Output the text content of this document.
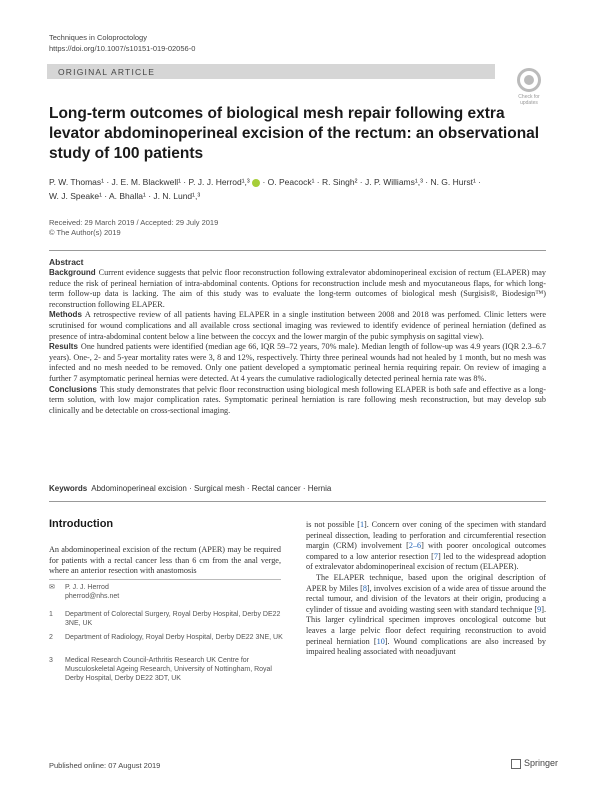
Techniques in Coloproctology
https://doi.org/10.1007/s10151-019-02056-0
ORIGINAL ARTICLE
Check for updates
Long-term outcomes of biological mesh repair following extra levator abdominoperineal excision of the rectum: an observational study of 100 patients
P. W. Thomas¹ · J. E. M. Blackwell¹ · P. J. J. Herrod¹,³  · O. Peacock¹ · R. Singh² · J. P. Williams¹,³ · N. G. Hurst¹ ·
W. J. Speake¹ · A. Bhalla¹ · J. N. Lund¹,³
Received: 29 March 2019 / Accepted: 29 July 2019
© The Author(s) 2019
Abstract

Background Current evidence suggests that pelvic floor reconstruction following extralevator abdominoperineal excision of rectum (ELAPER) may reduce the risk of perineal herniation of intra-abdominal contents. Options for reconstruction include mesh and myocutaneous flaps, for which long-term follow-up data is lacking. The aim of this study was to evaluate the long-term outcomes of biological mesh (Surgisis®, Biodesign™) reconstruction following ELAPER.

Methods A retrospective review of all patients having ELAPER in a single institution between 2008 and 2018 was perfomed. Clinic letters were scrutinised for wound complications and all available cross sectional imaging was reviewed to identify evidence of perineal herniation (defined as presence of intra-abdominal content below a line between the coccyx and the lower margin of the pubic symphysis on sagittal view).

Results One hundred patients were identified (median age 66, IQR 59–72 years, 70% male). Median length of follow-up was 4.9 years (IQR 2.3–6.7 years). One-, 2- and 5-year mortality rates were 3, 8 and 12%, respectively. Thirty three perineal wounds had not healed by 1 month, but no mesh was infected and no mesh needed to be removed. Only one patient developed a symptomatic perineal hernia requiring repair. On review of imaging a further 7 asymptomatic perineal hernias were detected. At 4 years the cumulative radiologically detected perineal hernia rate was 8%.

Conclusions This study demonstrates that pelvic floor reconstruction using biological mesh following ELAPER is both safe and effective as a long-term solution, with low major complication rates. Symptomatic perineal herniation is rare following mesh reconstruction, but may develop sub clinically and be detectable on cross-sectional imaging.

Keywords Abdominoperineal excision · Surgical mesh · Rectal cancer · Hernia
Introduction

An abdominoperineal excision of the rectum (APER) may be required for patients with a rectal cancer less than 6 cm from the anal verge, where an anterior resection with anastomosis

✉ P. J. J. Herrod
pherrod@nhs.net
1 Department of Colorectal Surgery, Royal Derby Hospital, Derby DE22 3NE, UK
2 Department of Radiology, Royal Derby Hospital, Derby DE22 3NE, UK
3 Medical Research Council-Arthritis Research UK Centre for Musculoskeletal Ageing Research, University of Nottingham, Royal Derby Hospital, Derby DE22 3DT, UK

is not possible [1]. Concern over coning of the specimen with standard perineal dissection, leading to perforation and circumferential resection margin (CRM) involvement [2–6] with poorer oncological outcomes compared to a low anterior resection [7] led to the widespread adoption of extralevator abdominoperineal excision of rectum (ELAPER).

The ELAPER technique, based upon the original description of APER by Miles [8], involves excision of a wide area of tissue around the rectal tumour, and division of the levators at their origin, producing a cylinder of tissue and avoiding wasting seen with standard technique [9]. This larger cylindrical specimen improves oncological outcome but leaves a large pelvic floor defect requiring reconstruction to avoid perineal herniation [10]. Wound complications are also increased by impaired healing associated with neoadjuvant

Published online: 07 August 2019	Springer
